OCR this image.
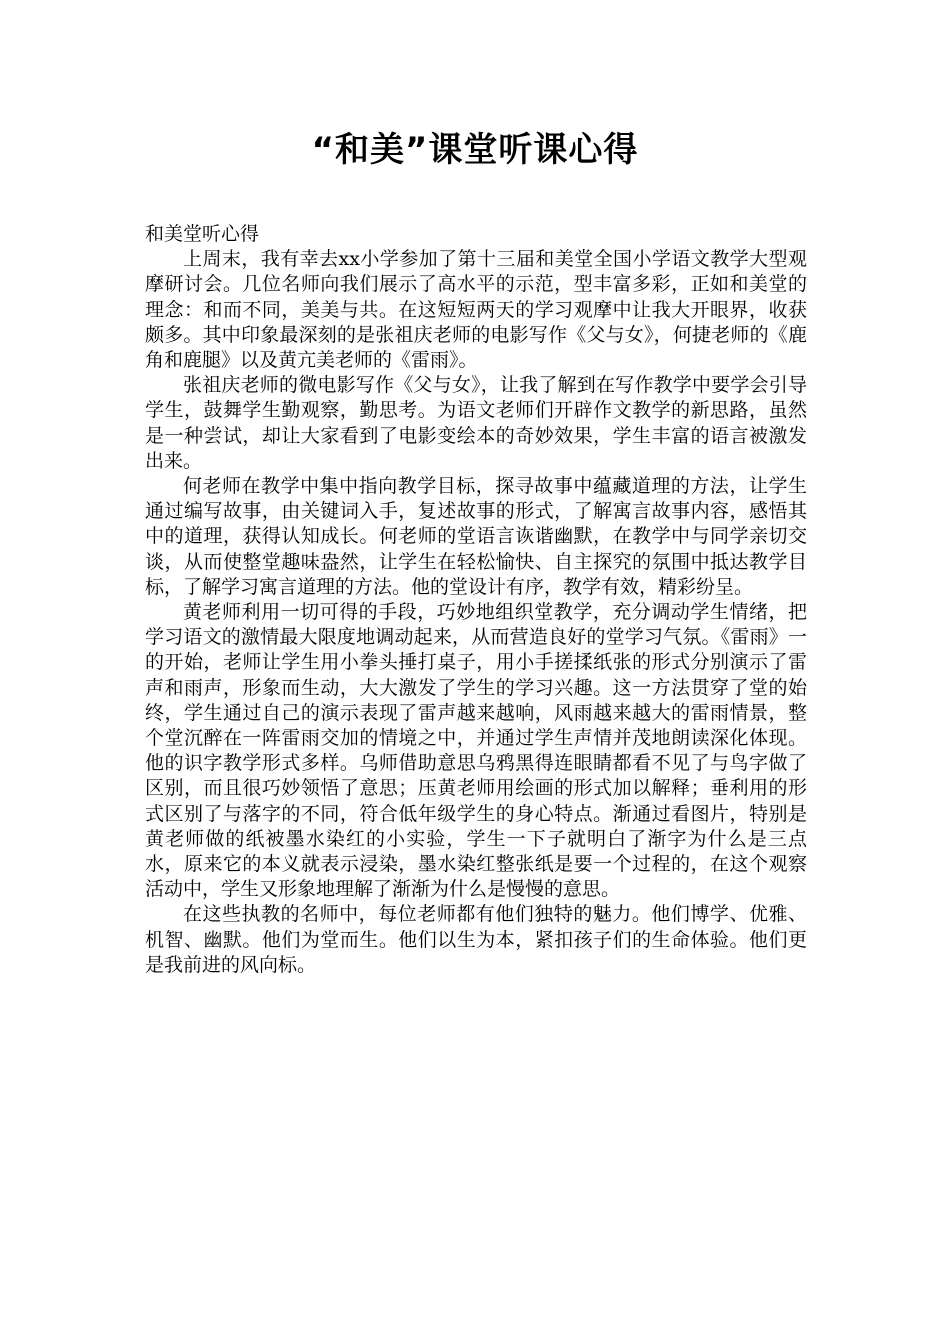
“和美”课堂听课心得

和美堂听心得

上周末，我有幸去xx小学参加了第十三届和美堂全国小学语文教学大型观摩研讨会。几位名师向我们展示了高水平的示范，型丰富多彩，正如和美堂的理念：和而不同，美美与共。在这短短两天的学习观摩中让我大开眼界，收获颇多。其中印象最深刻的是张祖庆老师的电影写作《父与女》，何捷老师的《鹿角和鹿腿》以及黄亢美老师的《雷雨》。

张祖庆老师的微电影写作《父与女》，让我了解到在写作教学中要学会引导学生，鼓舞学生勤观察，勤思考。为语文老师们开辟作文教学的新思路，虽然是一种尝试，却让大家看到了电影变绘本的奇妙效果，学生丰富的语言被激发出来。

何老师在教学中集中指向教学目标，探寻故事中蕴藏道理的方法，让学生通过编写故事，由关键词入手，复述故事的形式，了解寓言故事内容，感悟其中的道理，获得认知成长。何老师的堂语言诙谐幽默，在教学中与同学亲切交谈，从而使整堂趣味盎然，让学生在轻松愉快、自主探究的氛围中抵达教学目标，了解学习寓言道理的方法。他的堂设计有序，教学有效，精彩纷呈。

黄老师利用一切可得的手段，巧妙地组织堂教学，充分调动学生情绪，把学习语文的激情最大限度地调动起来，从而营造良好的堂学习气氛。《雷雨》一的开始，老师让学生用小拳头捶打桌子，用小手搓揉纸张的形式分别演示了雷声和雨声，形象而生动，大大激发了学生的学习兴趣。这一方法贯穿了堂的始终，学生通过自己的演示表现了雷声越来越响，风雨越来越大的雷雨情景，整个堂沉醉在一阵雷雨交加的情境之中，并通过学生声情并茂地朗读深化体现。他的识字教学形式多样。乌师借助意思乌鸦黑得连眼睛都看不见了与鸟字做了区别，而且很巧妙领悟了意思；压黄老师用绘画的形式加以解释；垂利用的形式区别了与落字的不同，符合低年级学生的身心特点。渐通过看图片，特别是黄老师做的纸被墨水染红的小实验，学生一下子就明白了渐字为什么是三点水，原来它的本义就表示浸染，墨水染红整张纸是要一个过程的，在这个观察活动中，学生又形象地理解了渐渐为什么是慢慢的意思。

在这些执教的名师中，每位老师都有他们独特的魅力。他们博学、优雅、机智、幽默。他们为堂而生。他们以生为本，紧扣孩子们的生命体验。他们更是我前进的风向标。
